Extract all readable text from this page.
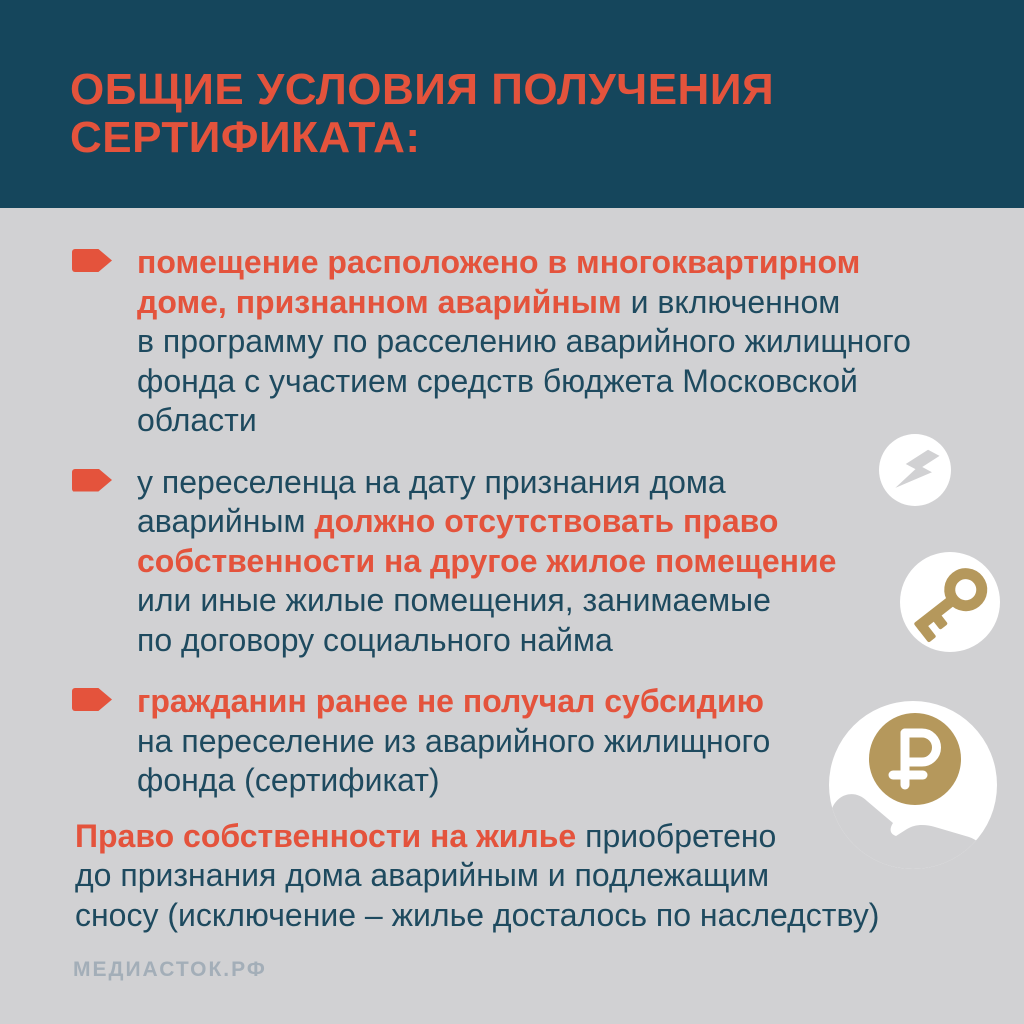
ОБЩИЕ УСЛОВИЯ ПОЛУЧЕНИЯ СЕРТИФИКАТА:

помещение расположено в многоквартирном
доме, признанном аварийным и включенном
в программу по расселению аварийного жилищного
фонда с участием средств бюджета Московской
области

у переселенца на дату признания дома
аварийным должно отсутствовать право
собственности на другое жилое помещение
или иные жилые помещения, занимаемые
по договору социального найма

гражданин ранее не получал субсидию
на переселение из аварийного жилищного
фонда (сертификат)

Право собственности на жилье приобретено
до признания дома аварийным и подлежащим
сносу (исключение – жилье досталось по наследству)

МЕДИАСТОК.РФ
